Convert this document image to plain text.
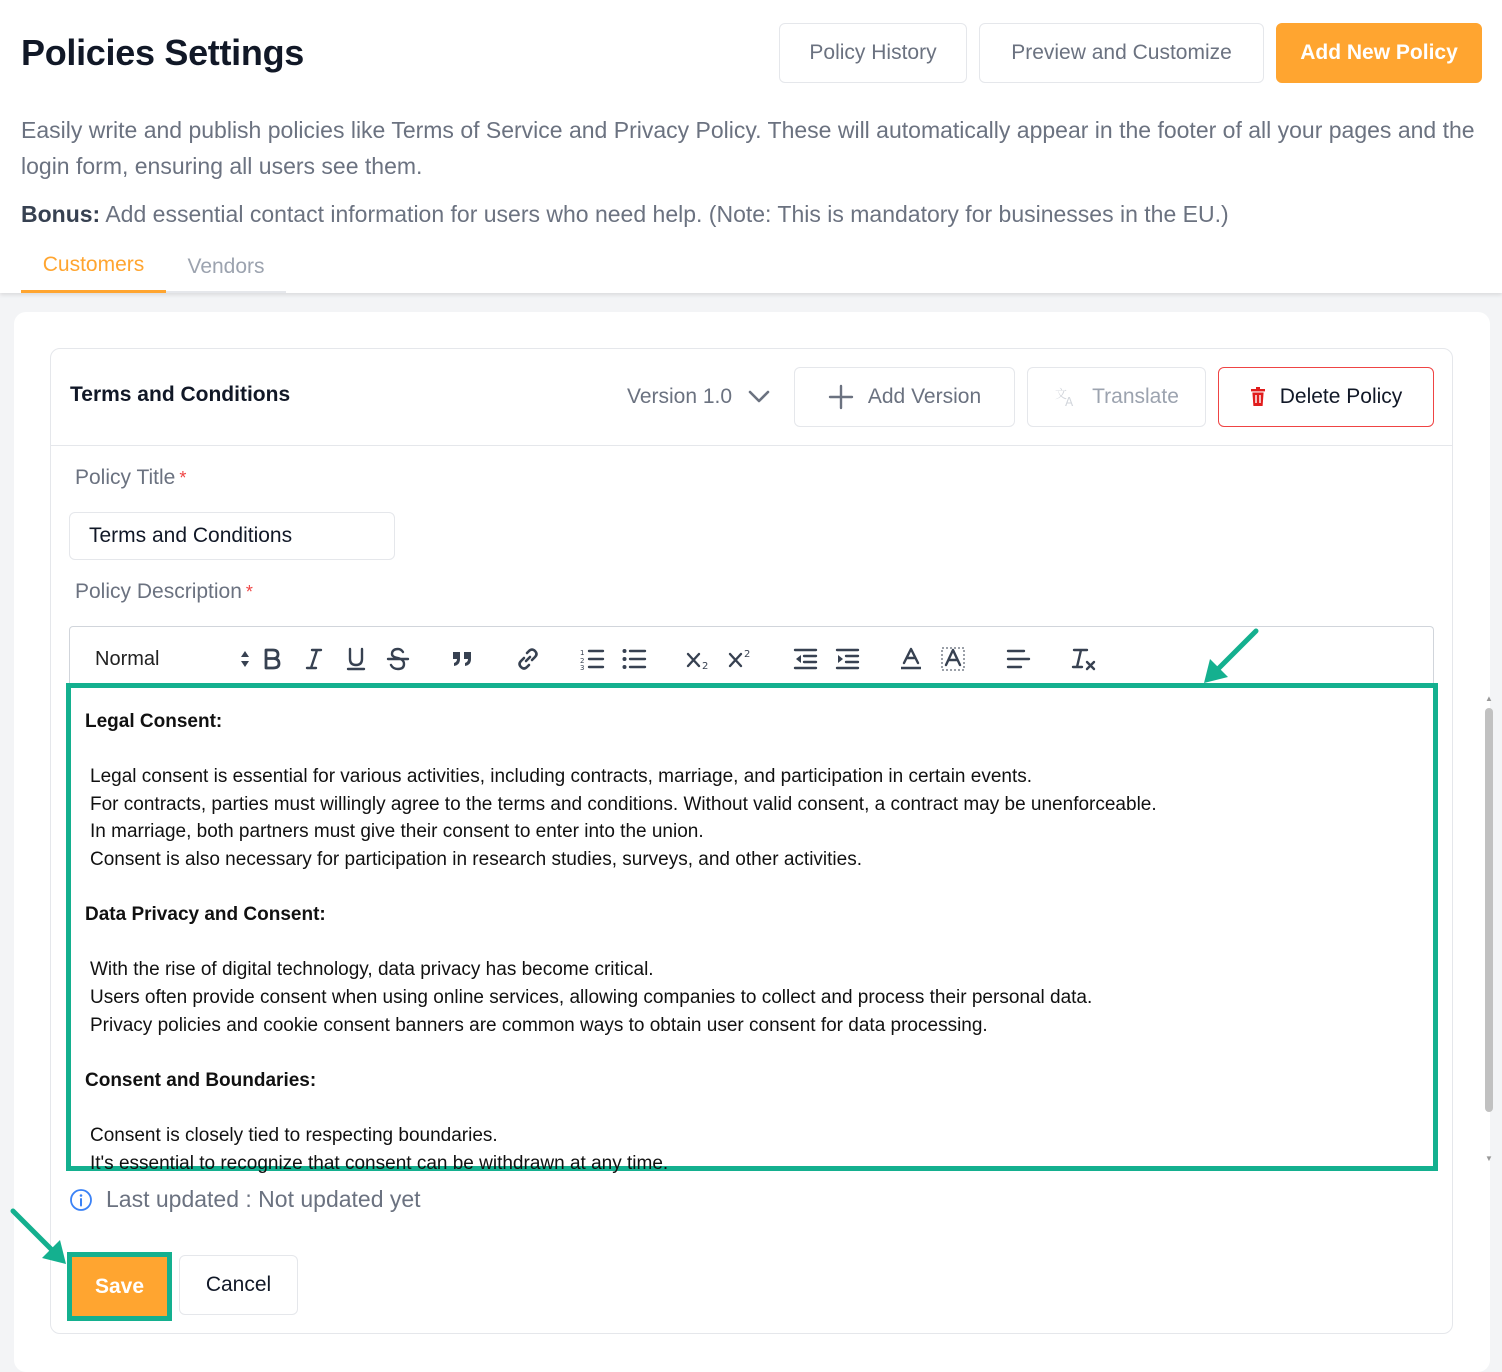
Policies Settings	Policy History	Preview and Customize	Add New Policy

Easily write and publish policies like Terms of Service and Privacy Policy. These will automatically appear in the footer of all your pages and the login form, ensuring all users see them.

Bonus: Add essential contact information for users who need help. (Note: This is mandatory for businesses in the EU.)

Customers	Vendors
Terms and Conditions	Version 1.0	Add Version	文
A Translate	Delete Policy
Policy Title *
Terms and Conditions
Policy Description *
Normal	1
2
3	2
2
Legal Consent:
Legal consent is essential for various activities, including contracts, marriage, and participation in certain events.
For contracts, parties must willingly agree to the terms and conditions. Without valid consent, a contract may be unenforceable.
In marriage, both partners must give their consent to enter into the union.
Consent is also necessary for participation in research studies, surveys, and other activities.
Data Privacy and Consent:
With the rise of digital technology, data privacy has become critical.
Users often provide consent when using online services, allowing companies to collect and process their personal data.
Privacy policies and cookie consent banners are common ways to obtain user consent for data processing.
Consent and Boundaries:
Consent is closely tied to respecting boundaries.
It's essential to recognize that consent can be withdrawn at any time.
▲
▼
Last updated : Not updated yet
Save	Cancel
